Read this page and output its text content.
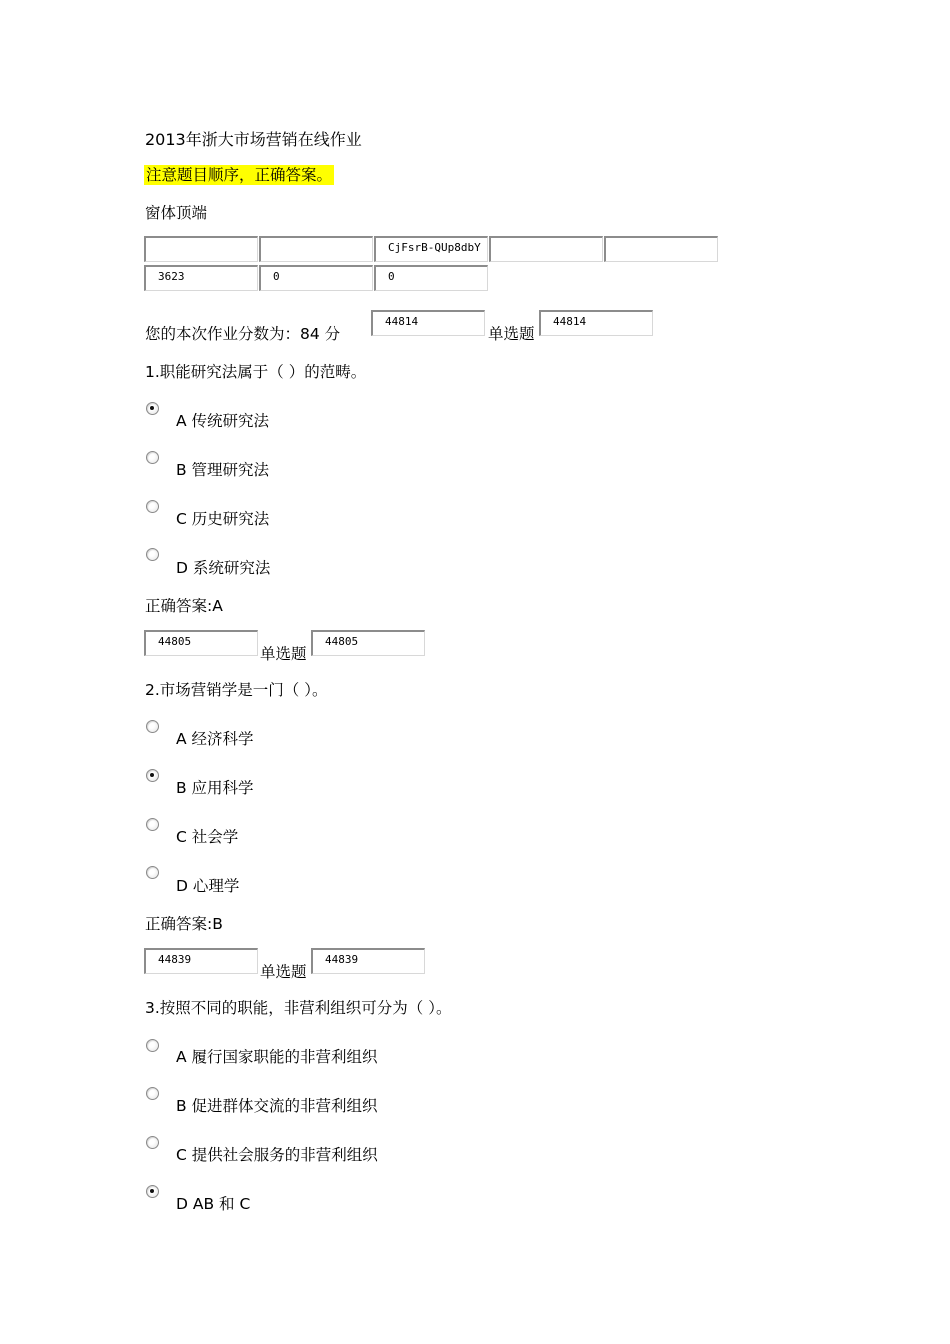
2013年浙大市场营销在线作业
注意题目顺序，正确答案。
窗体顶端
CjFsrB-QUp8dbY
3623	0	0
您的本次作业分数为：84 分
44814
单选题
44814
1.职能研究法属于（ ）的范畴。
A 传统研究法
B 管理研究法
C 历史研究法
D 系统研究法
正确答案:A
44805
单选题
44805
2.市场营销学是一门（ ）。
A 经济科学
B 应用科学
C 社会学
D 心理学
正确答案:B
44839
单选题
44839
3.按照不同的职能，非营利组织可分为（ ）。
A 履行国家职能的非营利组织
B 促进群体交流的非营利组织
C 提供社会服务的非营利组织
D AB 和 C
